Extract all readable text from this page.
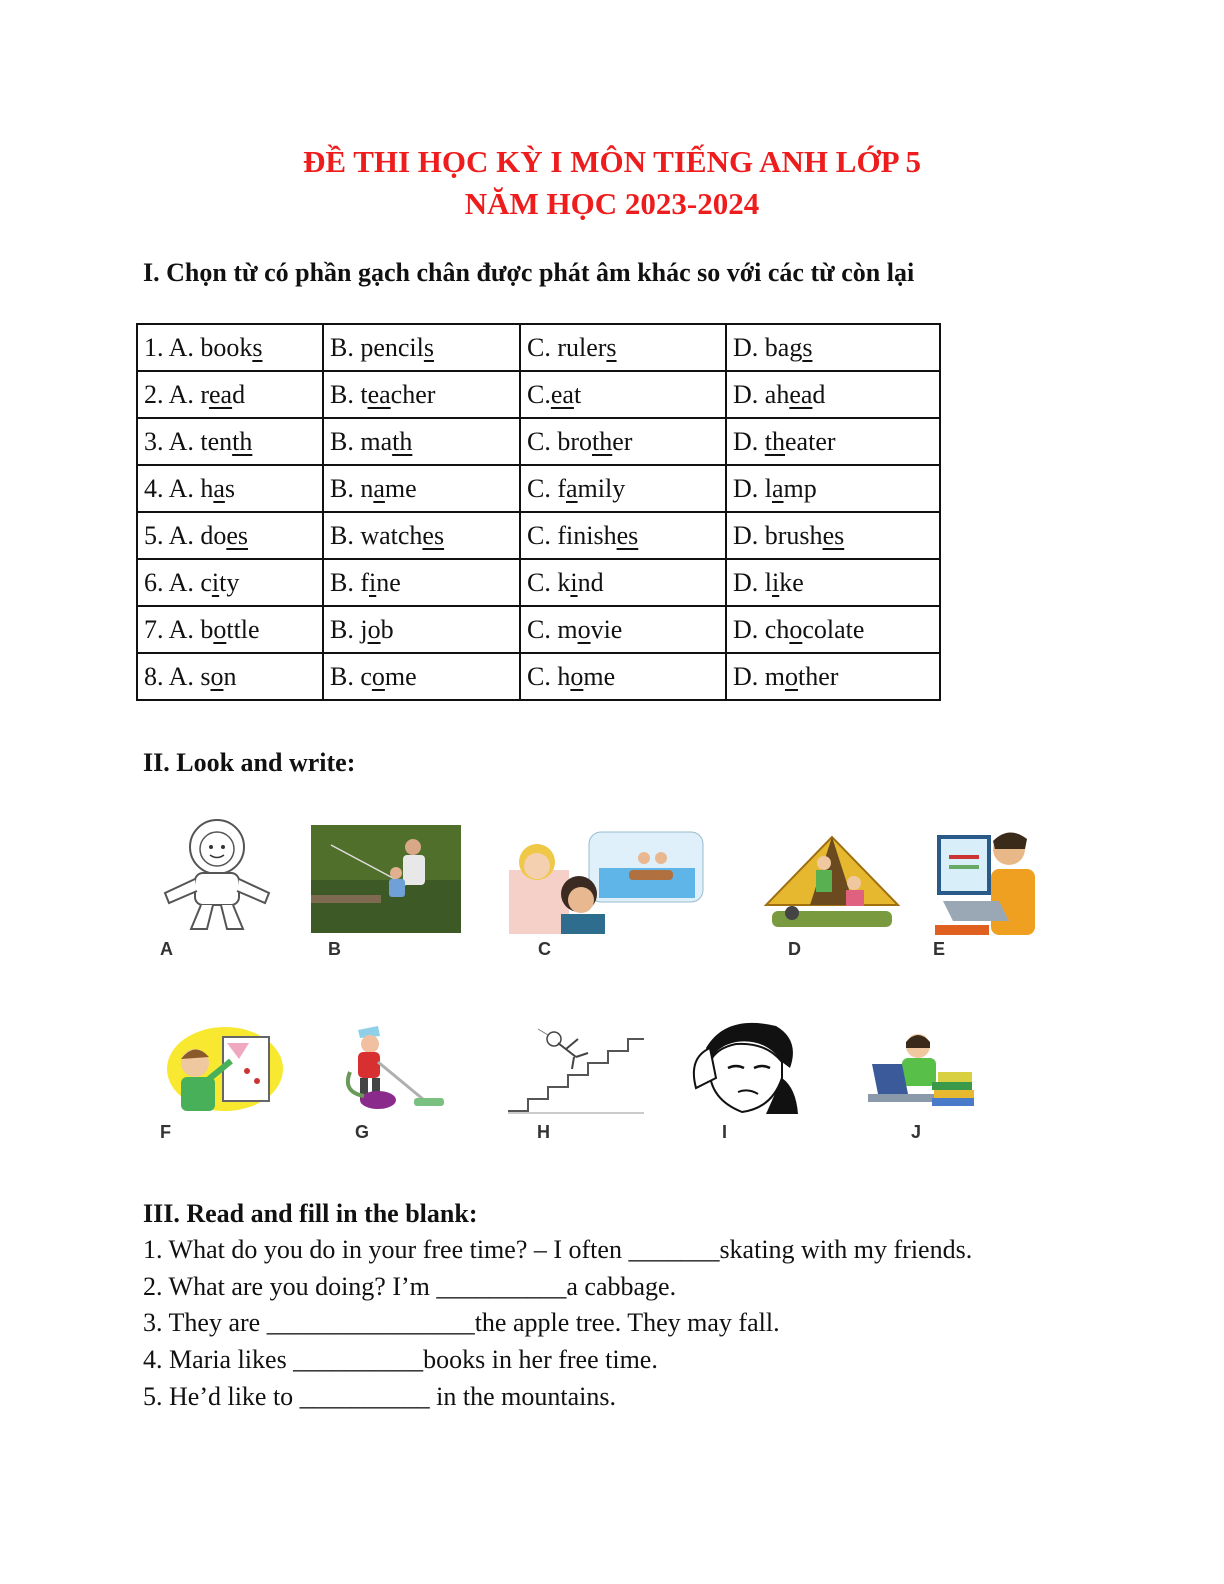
ĐỀ THI HỌC KỲ I MÔN TIẾNG ANH LỚP 5
NĂM HỌC 2023-2024
I. Chọn từ có phần gạch chân được phát âm khác so với các từ còn lại
1. A. books	B. pencils	C. rulers	D. bags
2. A. read	B. teacher	C.eat	D. ahead
3. A. tenth	B. math	C. brother	D. theater
4. A. has	B. name	C. family	D. lamp
5. A. does	B. watches	C. finishes	D. brushes
6. A. city	B. fine	C. kind	D. like
7. A. bottle	B. job	C. movie	D. chocolate
8. A. son	B. come	C. home	D. mother
II. Look and write:
A	B	C	D	E
F	G	H	I	J
III. Read and fill in the blank:
1. What do you do in your free time? – I often _______skating with my friends.
2. What are you doing? I’m __________a cabbage.
3. They are ________________the apple tree. They may fall.
4. Maria likes __________books in her free time.
5. He’d like to __________ in the mountains.
